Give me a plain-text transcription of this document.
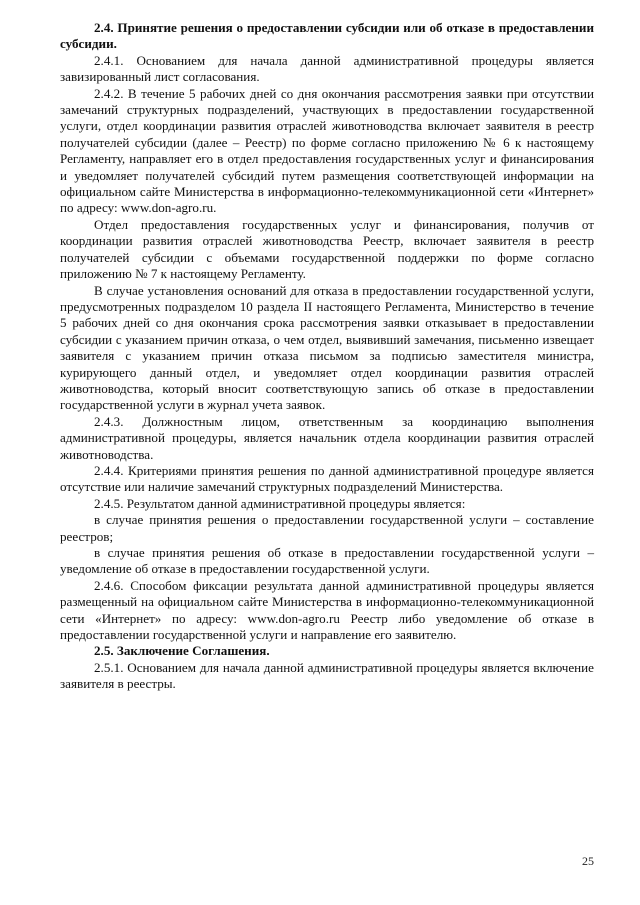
2.4. Принятие решения о предоставлении субсидии или об отказе в предоставлении субсидии.

2.4.1. Основанием для начала данной административной процедуры является завизированный лист согласования.

2.4.2. В течение 5 рабочих дней со дня окончания рассмотрения заявки при отсутствии замечаний структурных подразделений, участвующих в предоставлении государственной услуги, отдел координации развития отраслей животноводства включает заявителя в реестр получателей субсидии (далее – Реестр) по форме согласно приложению № 6 к настоящему Регламенту, направляет его в отдел предоставления государственных услуг и финансирования и уведомляет получателей субсидий путем размещения соответствующей информации на официальном сайте Министерства в информационно-телекоммуникационной сети «Интернет» по адресу: www.don-agro.ru.

Отдел предоставления государственных услуг и финансирования, получив от координации развития отраслей животноводства Реестр, включает заявителя в реестр получателей субсидии с объемами государственной поддержки по форме согласно приложению № 7 к настоящему Регламенту.

В случае установления оснований для отказа в предоставлении государственной услуги, предусмотренных подразделом 10 раздела II настоящего Регламента, Министерство в течение 5 рабочих дней со дня окончания срока рассмотрения заявки отказывает в предоставлении субсидии с указанием причин отказа, о чем отдел, выявивший замечания, письменно извещает заявителя с указанием причин отказа письмом за подписью заместителя министра, курирующего данный отдел, и уведомляет отдел координации развития отраслей животноводства, который вносит соответствующую запись об отказе в предоставлении государственной услуги в журнал учета заявок.

2.4.3. Должностным лицом, ответственным за координацию выполнения административной процедуры, является начальник отдела координации развития отраслей животноводства.

2.4.4. Критериями принятия решения по данной административной процедуре является отсутствие или наличие замечаний структурных подразделений Министерства.

2.4.5. Результатом данной административной процедуры является:

в случае принятия решения о предоставлении государственной услуги – составление реестров;

в случае принятия решения об отказе в предоставлении государственной услуги – уведомление об отказе в предоставлении государственной услуги.

2.4.6. Способом фиксации результата данной административной процедуры является размещенный на официальном сайте Министерства в информационно-телекоммуникационной сети «Интернет» по адресу: www.don-agro.ru Реестр либо уведомление об отказе в предоставлении государственной услуги и направление его заявителю.

2.5. Заключение Соглашения.

2.5.1. Основанием для начала данной административной процедуры является включение заявителя в реестры.

25
